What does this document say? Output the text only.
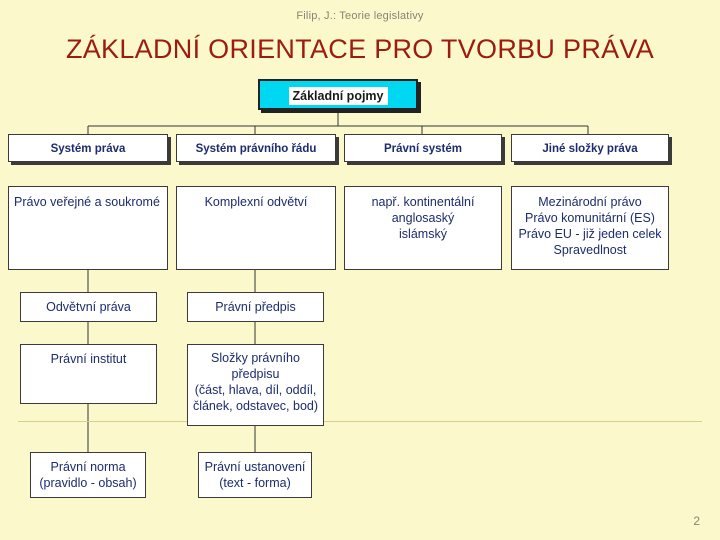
Filip, J.: Teorie legislativy
ZÁKLADNÍ ORIENTACE PRO TVORBU PRÁVA
Základní pojmy
Systém práva	Systém právního řádu	Právní systém	Jiné složky práva
Právo veřejné a soukromé	Komplexní odvětví	např. kontinentální
anglosaský
islámský
Mezinárodní právo
Právo komunitární (ES)
Právo EU - již jeden celek
Spravedlnost
Odvětvní práva
Právní institut
Právní norma
(pravidlo - obsah)
Právní předpis
Složky právního
předpisu
(část, hlava, díl, oddíl,
článek, odstavec, bod)
Právní ustanovení
(text - forma)
2
